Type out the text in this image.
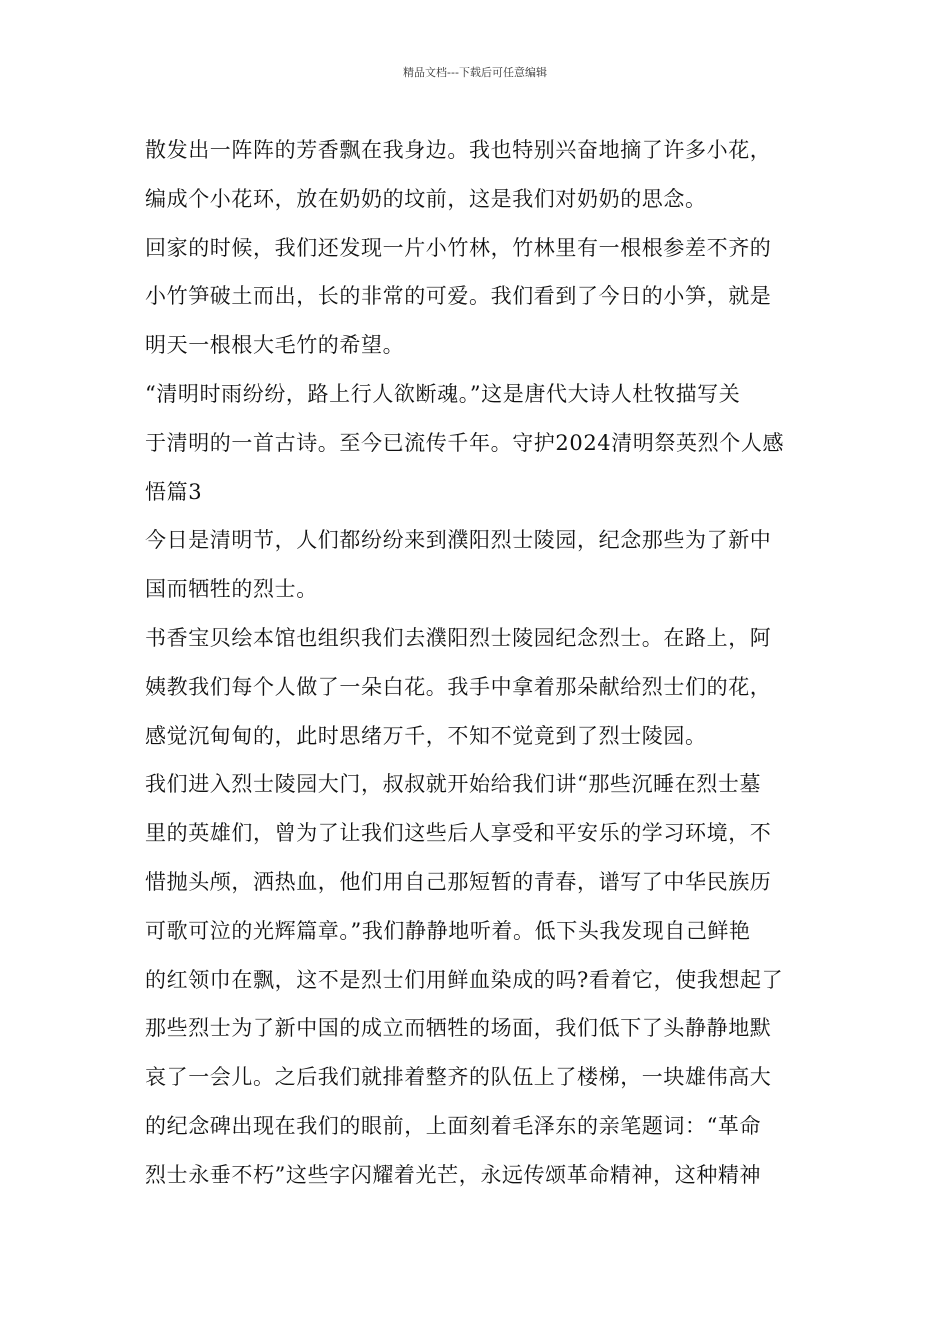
精品文档---下载后可任意编辑
散发出一阵阵的芳香飘在我身边。我也特别兴奋地摘了许多小花，
编成个小花环，放在奶奶的坟前，这是我们对奶奶的思念。
回家的时候，我们还发现一片小竹林，竹林里有一根根参差不齐的
小竹笋破土而出，长的非常的可爱。我们看到了今日的小笋，就是
明天一根根大毛竹的希望。
“清明时雨纷纷，路上行人欲断魂。”这是唐代大诗人杜牧描写关
于清明的一首古诗。至今已流传千年。守护2024清明祭英烈个人感
悟篇3
今日是清明节，人们都纷纷来到濮阳烈士陵园，纪念那些为了新中
国而牺牲的烈士。
书香宝贝绘本馆也组织我们去濮阳烈士陵园纪念烈士。在路上，阿
姨教我们每个人做了一朵白花。我手中拿着那朵献给烈士们的花，
感觉沉甸甸的，此时思绪万千，不知不觉竟到了烈士陵园。
我们进入烈士陵园大门，叔叔就开始给我们讲“那些沉睡在烈士墓
里的英雄们，曾为了让我们这些后人享受和平安乐的学习环境，不
惜抛头颅，洒热血，他们用自己那短暂的青春，谱写了中华民族历
可歌可泣的光辉篇章。”我们静静地听着。低下头我发现自己鲜艳
的红领巾在飘，这不是烈士们用鲜血染成的吗?看着它，使我想起了
那些烈士为了新中国的成立而牺牲的场面，我们低下了头静静地默
哀了一会儿。之后我们就排着整齐的队伍上了楼梯，一块雄伟高大
的纪念碑出现在我们的眼前，上面刻着毛泽东的亲笔题词：“革命
烈士永垂不朽”这些字闪耀着光芒，永远传颂革命精神，这种精神
